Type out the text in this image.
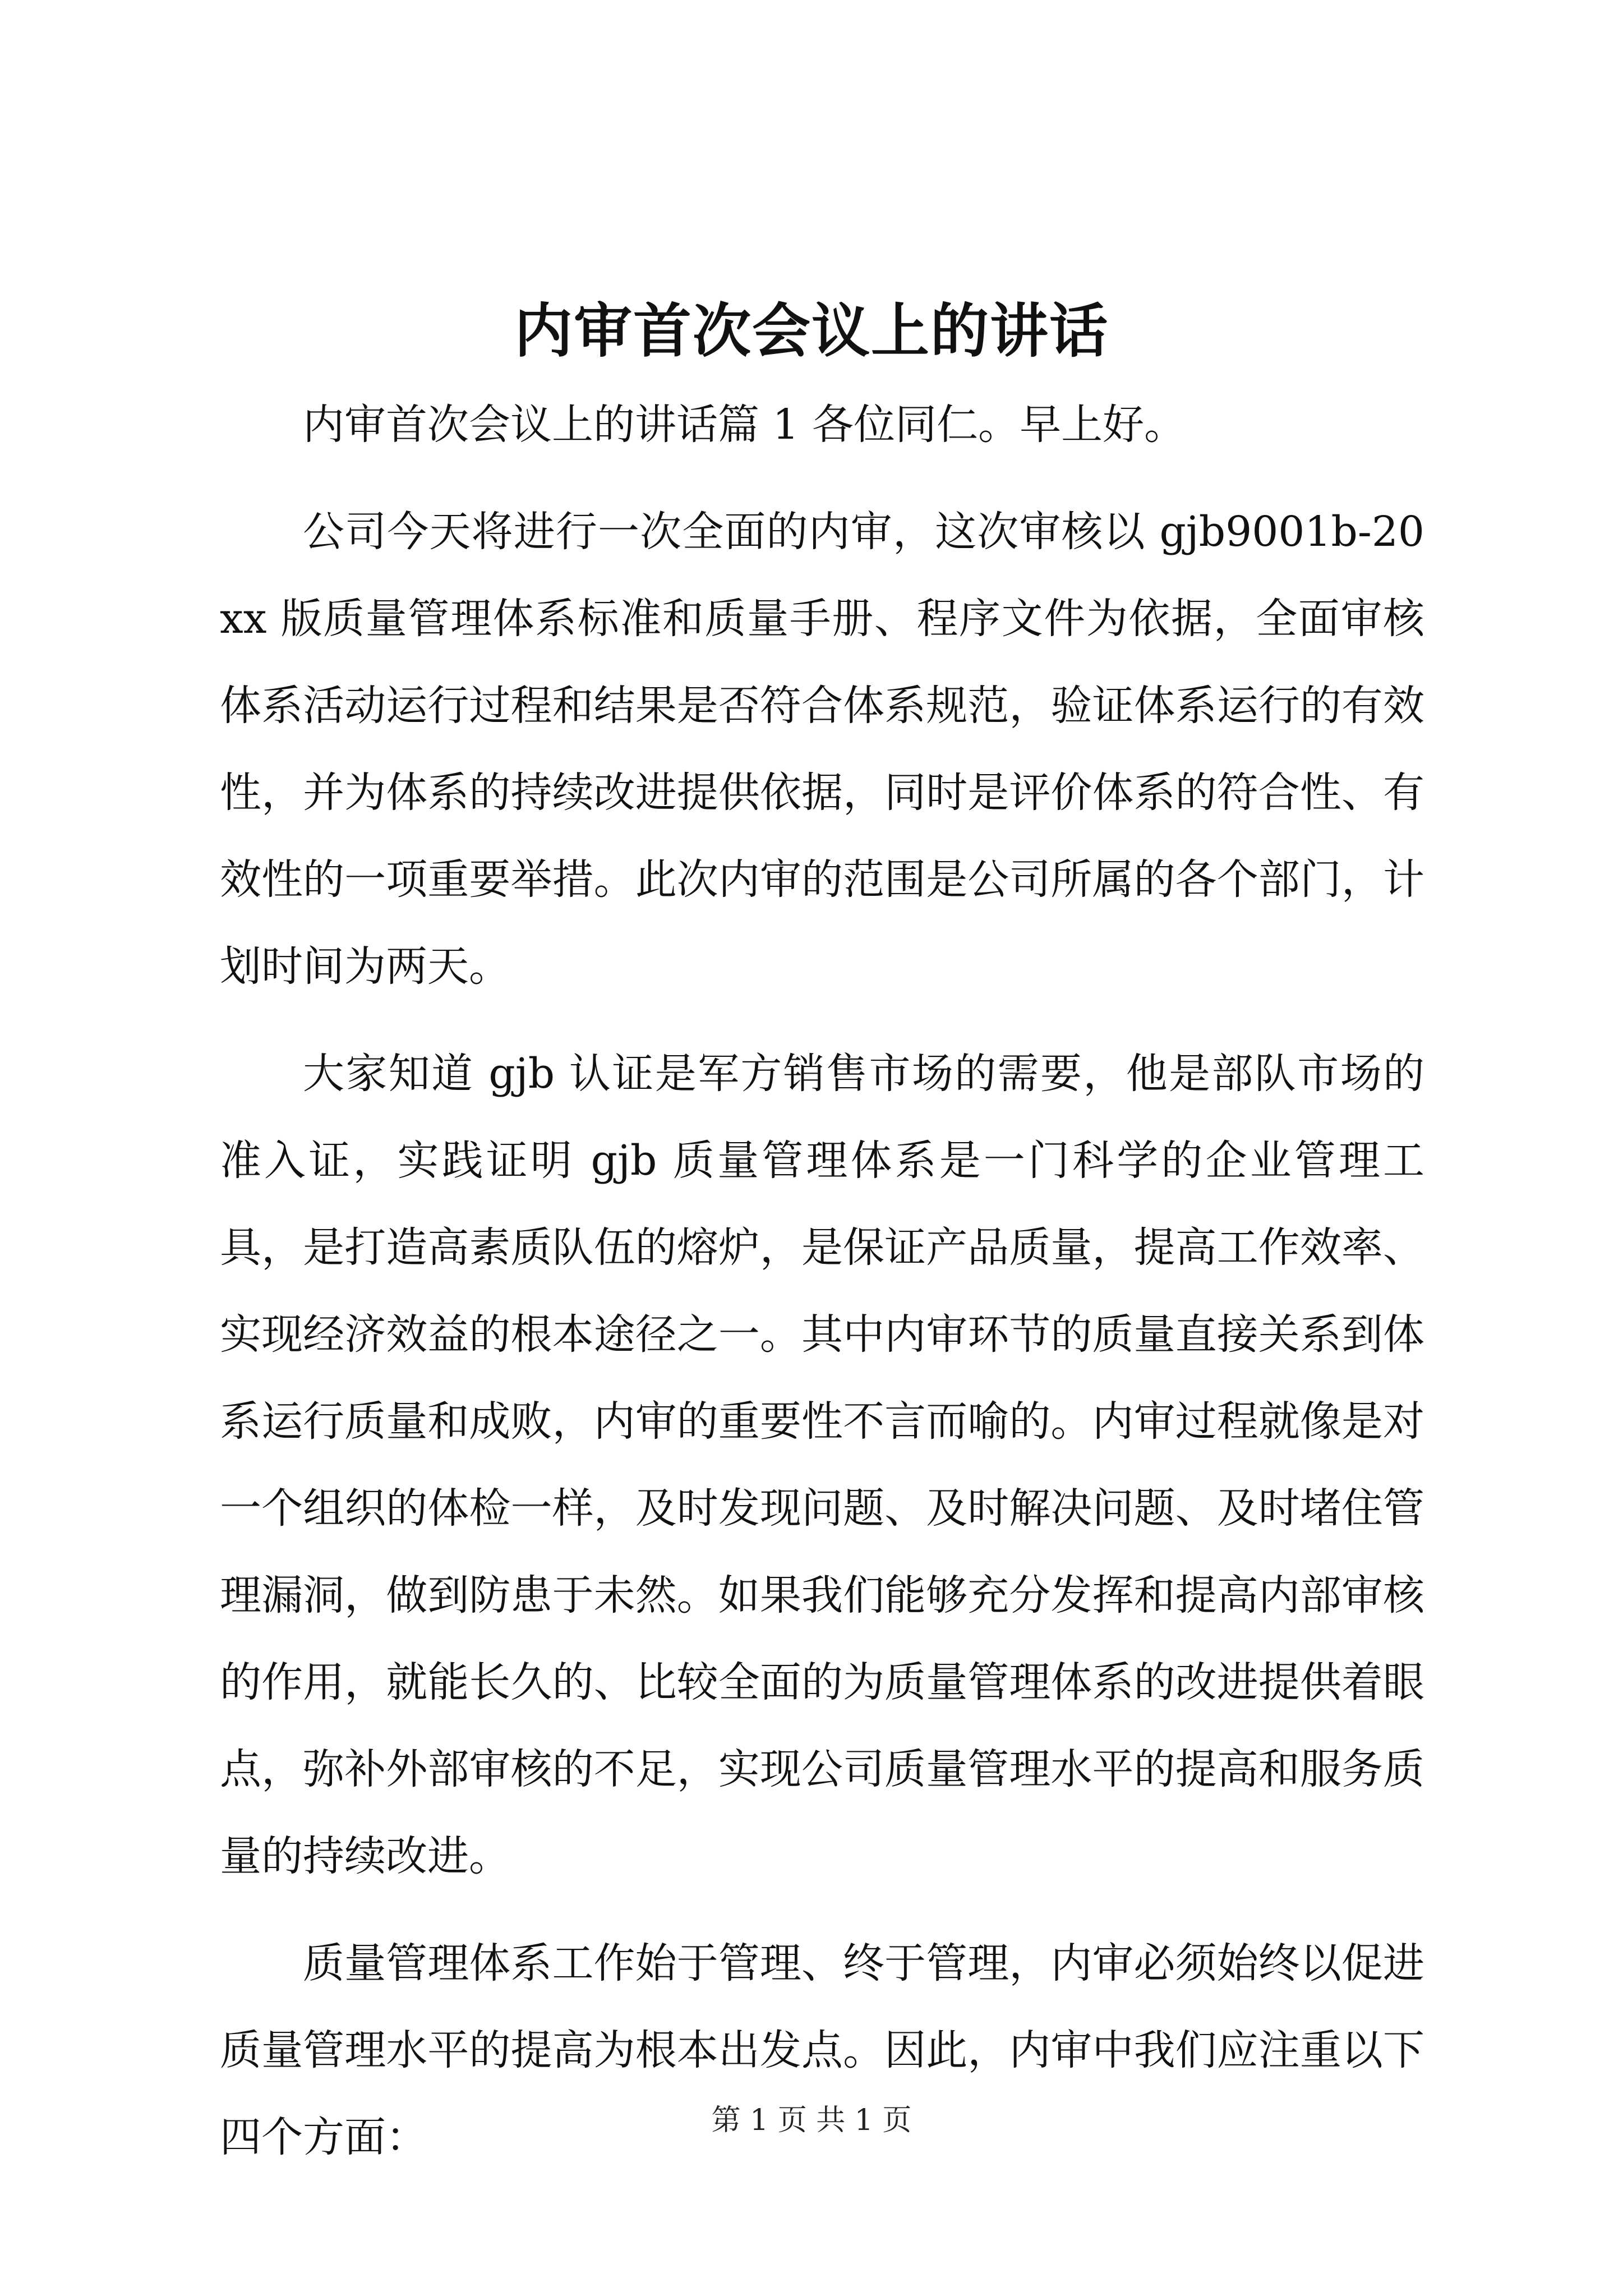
内审首次会议上的讲话

内审首次会议上的讲话篇 1 各位同仁。早上好。

公司今天将进行一次全面的内审，这次审核以 gjb9001b-20xx 版质量管理体系标准和质量手册、程序文件为依据，全面审核体系活动运行过程和结果是否符合体系规范，验证体系运行的有效性，并为体系的持续改进提供依据，同时是评价体系的符合性、有效性的一项重要举措。此次内审的范围是公司所属的各个部门，计划时间为两天。

大家知道 gjb 认证是军方销售市场的需要，他是部队市场的准入证，实践证明 gjb 质量管理体系是一门科学的企业管理工具，是打造高素质队伍的熔炉，是保证产品质量，提高工作效率、实现经济效益的根本途径之一。其中内审环节的质量直接关系到体系运行质量和成败，内审的重要性不言而喻的。内审过程就像是对一个组织的体检一样，及时发现问题、及时解决问题、及时堵住管理漏洞，做到防患于未然。如果我们能够充分发挥和提高内部审核的作用，就能长久的、比较全面的为质量管理体系的改进提供着眼点，弥补外部审核的不足，实现公司质量管理水平的提高和服务质量的持续改进。

质量管理体系工作始于管理、终于管理，内审必须始终以促进质量管理水平的提高为根本出发点。因此，内审中我们应注重以下四个方面：	第 1 页 共 1 页
